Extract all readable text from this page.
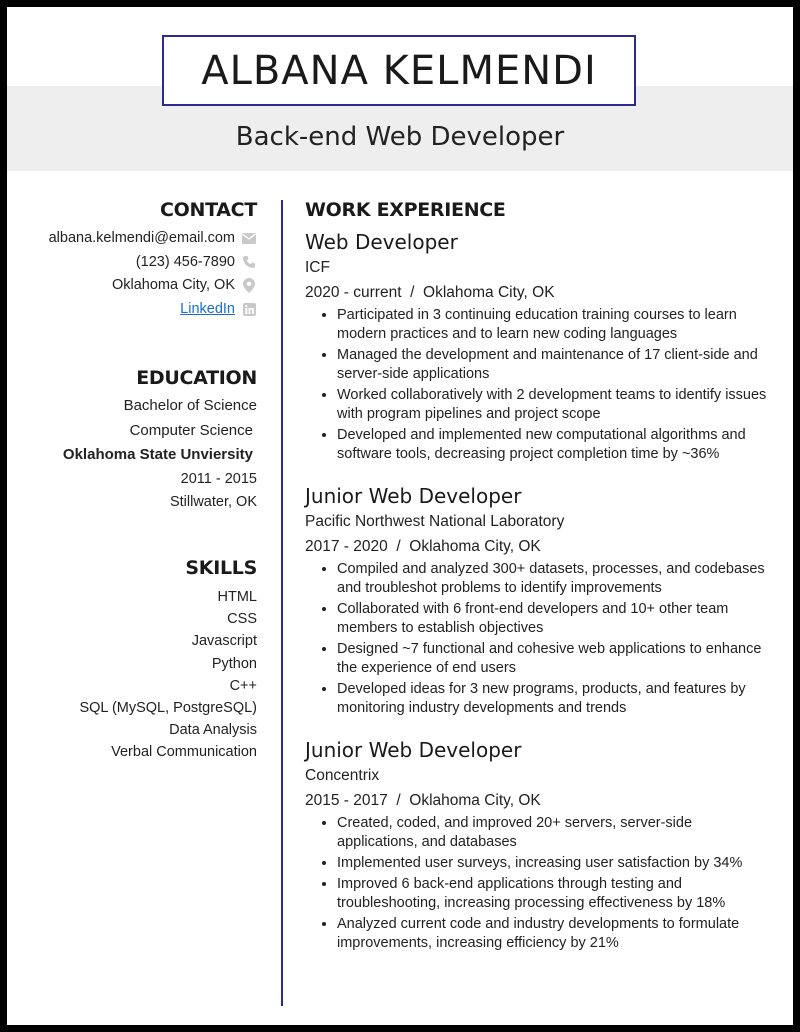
ALBANA KELMENDI
Back-end Web Developer
CONTACT
albana.kelmendi@email.com
(123) 456-7890
Oklahoma City, OK
LinkedIn
EDUCATION
Bachelor of Science
Computer Science
Oklahoma State Unviersity
2011 - 2015
Stillwater, OK
SKILLS
HTML
CSS
Javascript
Python
C++
SQL (MySQL, PostgreSQL)
Data Analysis
Verbal Communication
WORK EXPERIENCE
Web Developer
ICF
2020 - current  /  Oklahoma City, OK
• Participated in 3 continuing education training courses to learn modern practices and to learn new coding languages
• Managed the development and maintenance of 17 client-side and server-side applications
• Worked collaboratively with 2 development teams to identify issues with program pipelines and project scope
• Developed and implemented new computational algorithms and software tools, decreasing project completion time by ~36%
Junior Web Developer
Pacific Northwest National Laboratory
2017 - 2020  /  Oklahoma City, OK
• Compiled and analyzed 300+ datasets, processes, and codebases and troubleshot problems to identify improvements
• Collaborated with 6 front-end developers and 10+ other team members to establish objectives
• Designed ~7 functional and cohesive web applications to enhance the experience of end users
• Developed ideas for 3 new programs, products, and features by monitoring industry developments and trends
Junior Web Developer
Concentrix
2015 - 2017  /  Oklahoma City, OK
• Created, coded, and improved 20+ servers, server-side applications, and databases
• Implemented user surveys, increasing user satisfaction by 34%
• Improved 6 back-end applications through testing and troubleshooting, increasing processing effectiveness by 18%
• Analyzed current code and industry developments to formulate improvements, increasing efficiency by 21%
